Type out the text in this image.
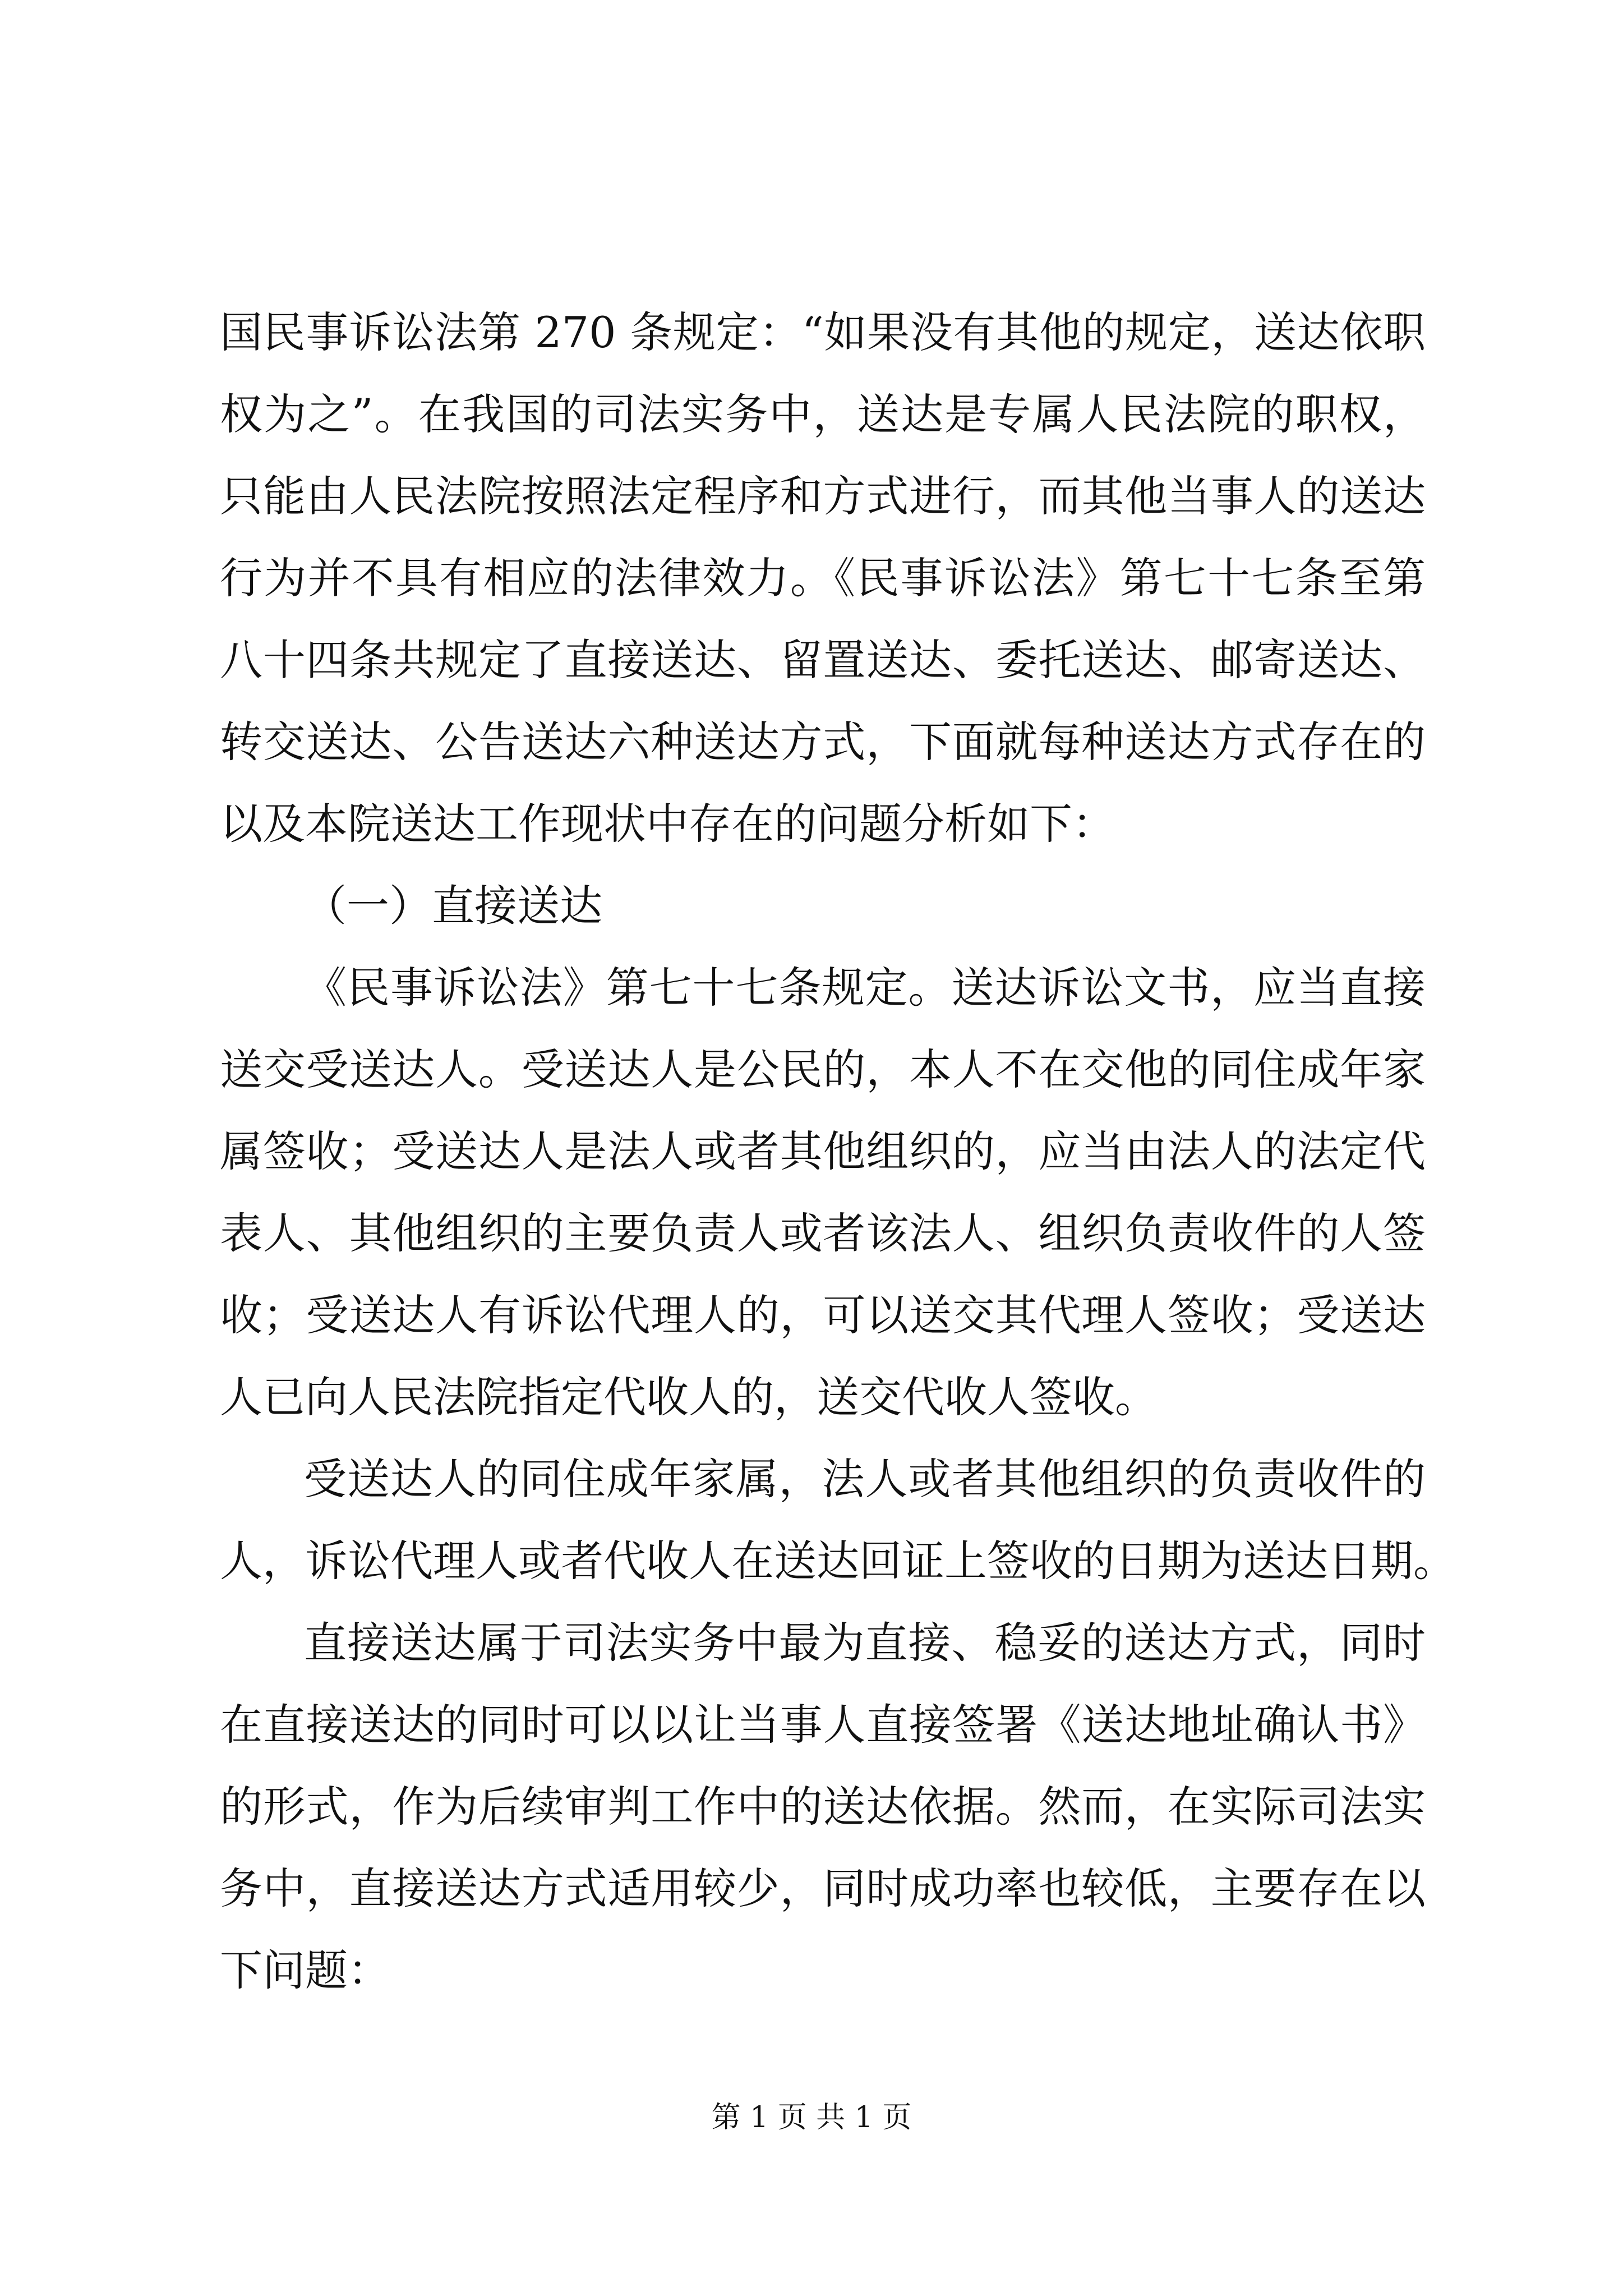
国民事诉讼法第 270 条规定：“如果没有其他的规定，送达依职
权为之”。在我国的司法实务中，送达是专属人民法院的职权，
只能由人民法院按照法定程序和方式进行，而其他当事人的送达
行为并不具有相应的法律效力。《民事诉讼法》第七十七条至第
八十四条共规定了直接送达、留置送达、委托送达、邮寄送达、
转交送达、公告送达六种送达方式，下面就每种送达方式存在的
以及本院送达工作现状中存在的问题分析如下：
（一）直接送达
《民事诉讼法》第七十七条规定。送达诉讼文书，应当直接
送交受送达人。受送达人是公民的，本人不在交他的同住成年家
属签收；受送达人是法人或者其他组织的，应当由法人的法定代
表人、其他组织的主要负责人或者该法人、组织负责收件的人签
收；受送达人有诉讼代理人的，可以送交其代理人签收；受送达
人已向人民法院指定代收人的，送交代收人签收。
受送达人的同住成年家属，法人或者其他组织的负责收件的
人，诉讼代理人或者代收人在送达回证上签收的日期为送达日期。
直接送达属于司法实务中最为直接、稳妥的送达方式，同时
在直接送达的同时可以以让当事人直接签署《送达地址确认书》
的形式，作为后续审判工作中的送达依据。然而，在实际司法实
务中，直接送达方式适用较少，同时成功率也较低，主要存在以
下问题：
第 1 页 共 1 页
